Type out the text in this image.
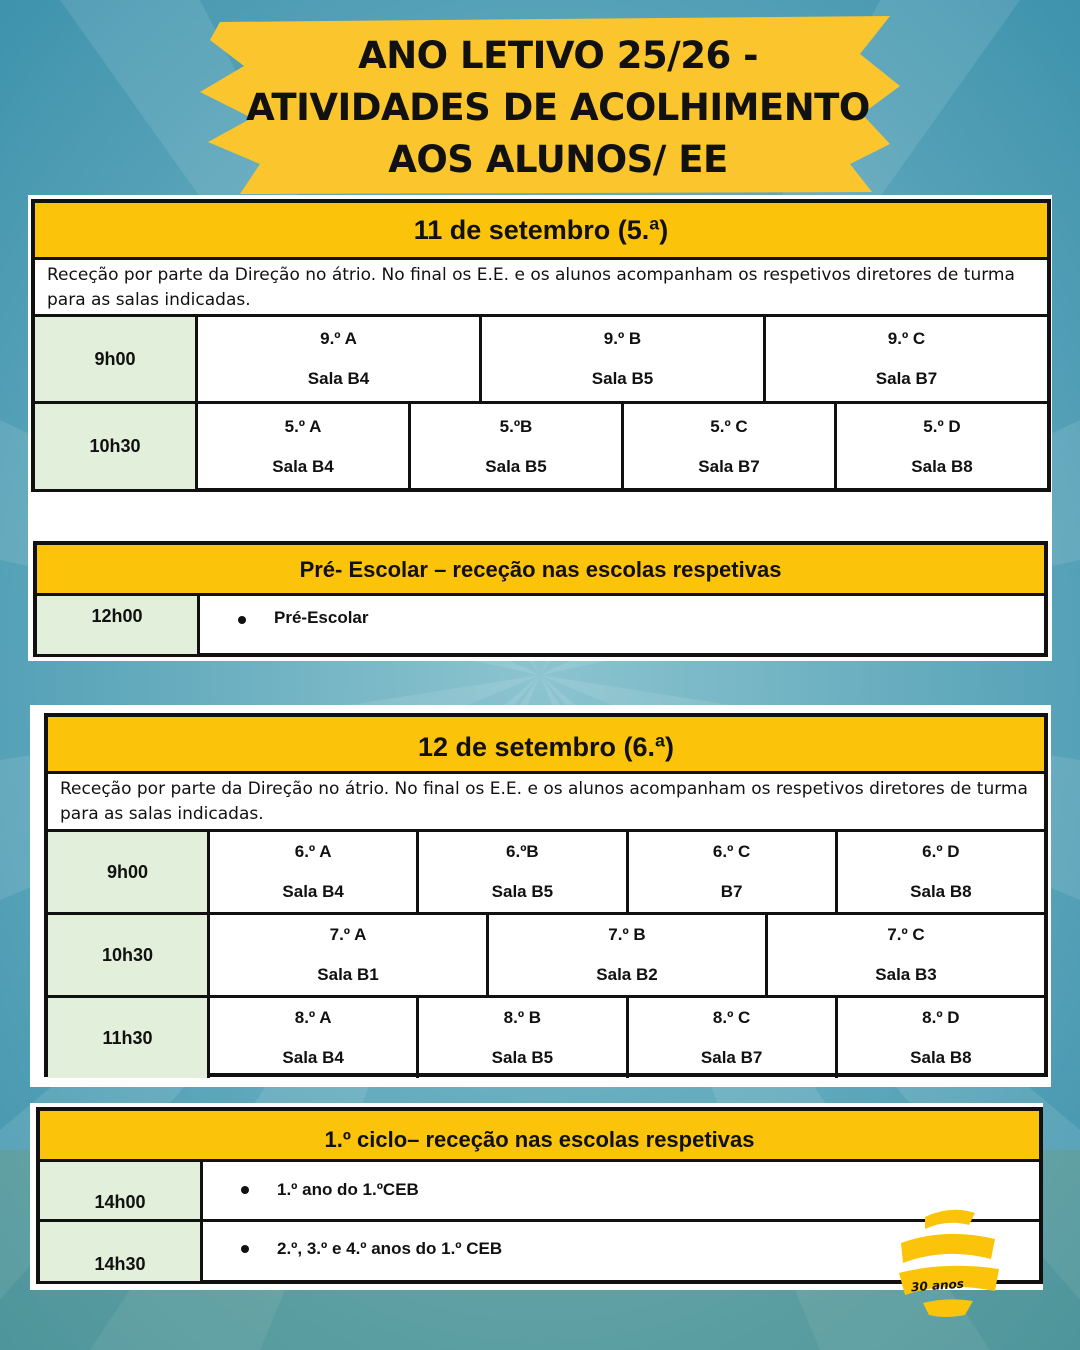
ANO LETIVO 25/26 -
ATIVIDADES DE ACOLHIMENTO
AOS ALUNOS/ EE
11 de setembro (5.ª)
Receção por parte da Direção no átrio. No final os E.E. e os alunos acompanham os respetivos diretores de turma para as salas indicadas.
9h00
9.º A
Sala B4
9.º B
Sala B5
9.º C
Sala B7
10h30
5.º A
Sala B4
5.ºB
Sala B5
5.º C
Sala B7
5.º D
Sala B8
Pré- Escolar – receção nas escolas respetivas
12h00	Pré-Escolar
12 de setembro (6.ª)
Receção por parte da Direção no átrio. No final os E.E. e os alunos acompanham os respetivos diretores de turma para as salas indicadas.
9h00
6.º A
Sala B4
6.ºB
Sala B5
6.º C
B7
6.º D
Sala B8
10h30
7.º A
Sala B1
7.º B
Sala B2
7.º C
Sala B3
11h30
8.º A
Sala B4
8.º B
Sala B5
8.º C
Sala B7
8.º D
Sala B8
1.º ciclo– receção nas escolas respetivas
14h00
1.º ano do 1.ºCEB
14h30
2.º, 3.º e 4.º anos do 1.º CEB
30 anos
